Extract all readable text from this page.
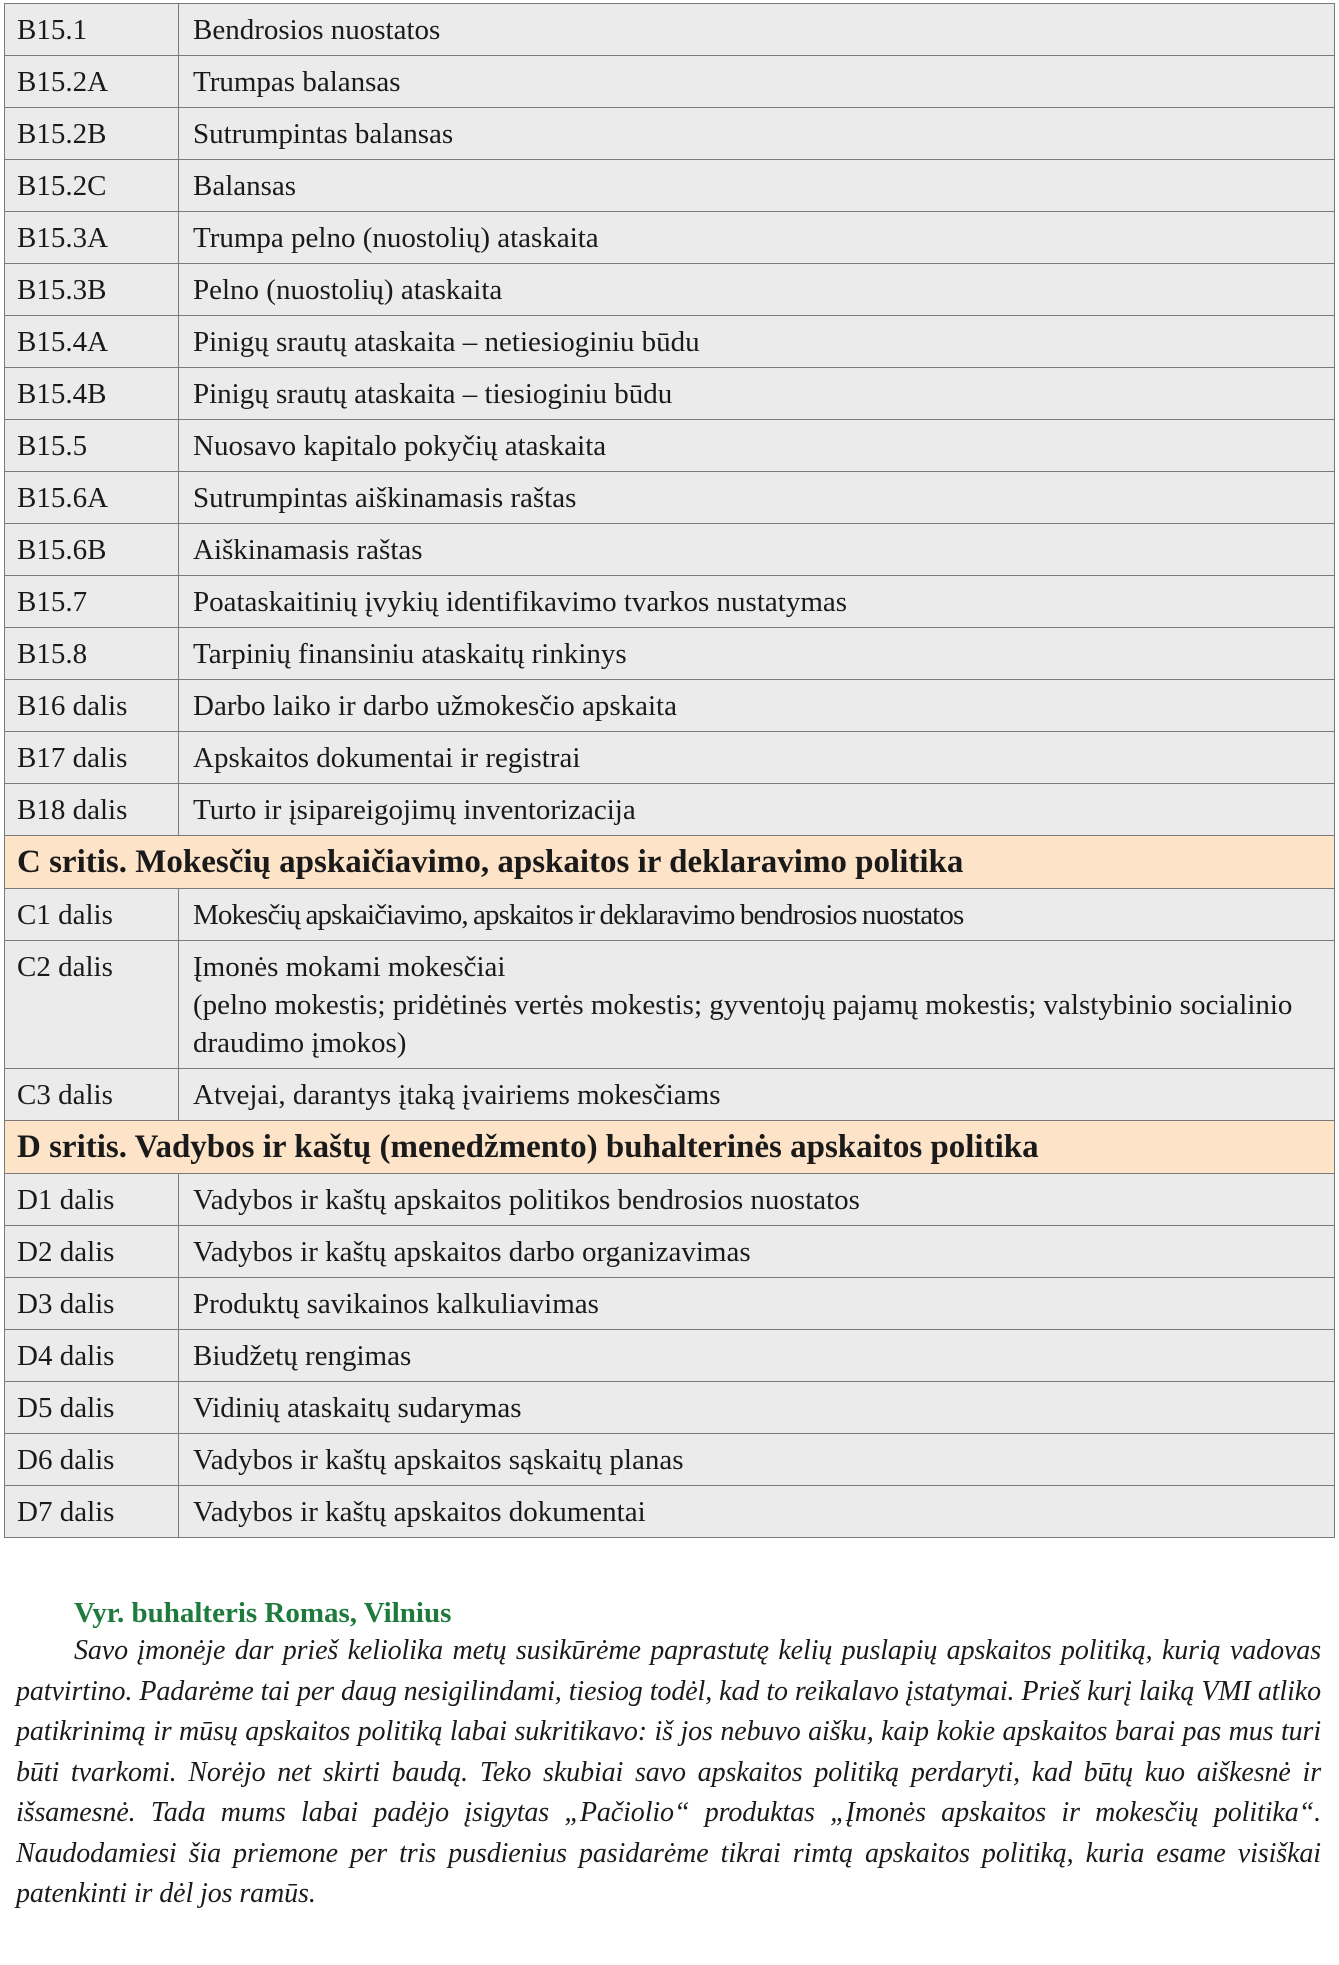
B15.1	Bendrosios nuostatos
B15.2A	Trumpas balansas
B15.2B	Sutrumpintas balansas
B15.2C	Balansas
B15.3A	Trumpa pelno (nuostolių) ataskaita
B15.3B	Pelno (nuostolių) ataskaita
B15.4A	Pinigų srautų ataskaita – netiesioginiu būdu
B15.4B	Pinigų srautų ataskaita – tiesioginiu būdu
B15.5	Nuosavo kapitalo pokyčių ataskaita
B15.6A	Sutrumpintas aiškinamasis raštas
B15.6B	Aiškinamasis raštas
B15.7	Poataskaitinių įvykių identifikavimo tvarkos nustatymas
B15.8	Tarpinių finansiniu ataskaitų rinkinys
B16 dalis	Darbo laiko ir darbo užmokesčio apskaita
B17 dalis	Apskaitos dokumentai ir registrai
B18 dalis	Turto ir įsipareigojimų inventorizacija
C sritis. Mokesčių apskaičiavimo, apskaitos ir deklaravimo politika	
C1 dalis	Mokesčių apskaičiavimo, apskaitos ir deklaravimo bendrosios nuostatos
C2 dalis	Įmonės mokami mokesčiai
(pelno mokestis; pridėtinės vertės mokestis; gyventojų pajamų mokestis; valstybinio socialinio draudimo įmokos)

C3 dalis	Atvejai, darantys įtaką įvairiems mokesčiams
D sritis. Vadybos ir kaštų (menedžmento) buhalterinės apskaitos politika	
D1 dalis	Vadybos ir kaštų apskaitos politikos bendrosios nuostatos
D2 dalis	Vadybos ir kaštų apskaitos darbo organizavimas
D3 dalis	Produktų savikainos kalkuliavimas
D4 dalis	Biudžetų rengimas
D5 dalis	Vidinių ataskaitų sudarymas
D6 dalis	Vadybos ir kaštų apskaitos sąskaitų planas
D7 dalis	Vadybos ir kaštų apskaitos dokumentai
Vyr. buhalteris Romas, Vilnius
Savo įmonėje dar prieš keliolika metų susikūrėme paprastutę kelių puslapių apskaitos politiką, kurią vadovas patvirtino. Padarėme tai per daug nesigilindami, tiesiog todėl, kad to reikalavo įstatymai. Prieš kurį laiką VMI atliko patikrinimą ir mūsų apskaitos politiką labai sukritikavo: iš jos nebuvo aišku, kaip kokie apskaitos barai pas mus turi būti tvarkomi. Norėjo net skirti baudą. Teko skubiai savo apskaitos politiką perdaryti, kad būtų kuo aiškesnė ir išsamesnė. Tada mums labai padėjo įsigytas „Pačiolio“ produktas „Įmonės apskaitos ir mokesčių politika“. Naudodamiesi šia priemone per tris pusdienius pasidarėme tikrai rimtą apskaitos politiką, kuria esame visiškai patenkinti ir dėl jos ramūs.
